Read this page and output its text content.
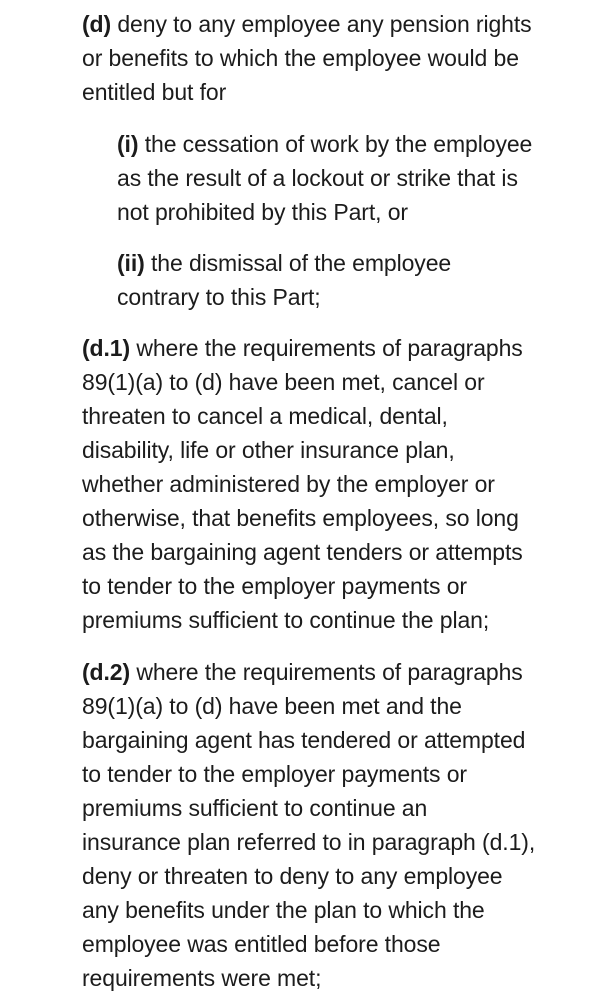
(d) deny to any employee any pension rights
or benefits to which the employee would be
entitled but for
(i) the cessation of work by the employee
as the result of a lockout or strike that is
not prohibited by this Part, or
(ii) the dismissal of the employee
contrary to this Part;
(d.1) where the requirements of paragraphs
89(1)(a) to (d) have been met, cancel or
threaten to cancel a medical, dental,
disability, life or other insurance plan,
whether administered by the employer or
otherwise, that benefits employees, so long
as the bargaining agent tenders or attempts
to tender to the employer payments or
premiums sufficient to continue the plan;
(d.2) where the requirements of paragraphs
89(1)(a) to (d) have been met and the
bargaining agent has tendered or attempted
to tender to the employer payments or
premiums sufficient to continue an
insurance plan referred to in paragraph (d.1),
deny or threaten to deny to any employee
any benefits under the plan to which the
employee was entitled before those
requirements were met;
